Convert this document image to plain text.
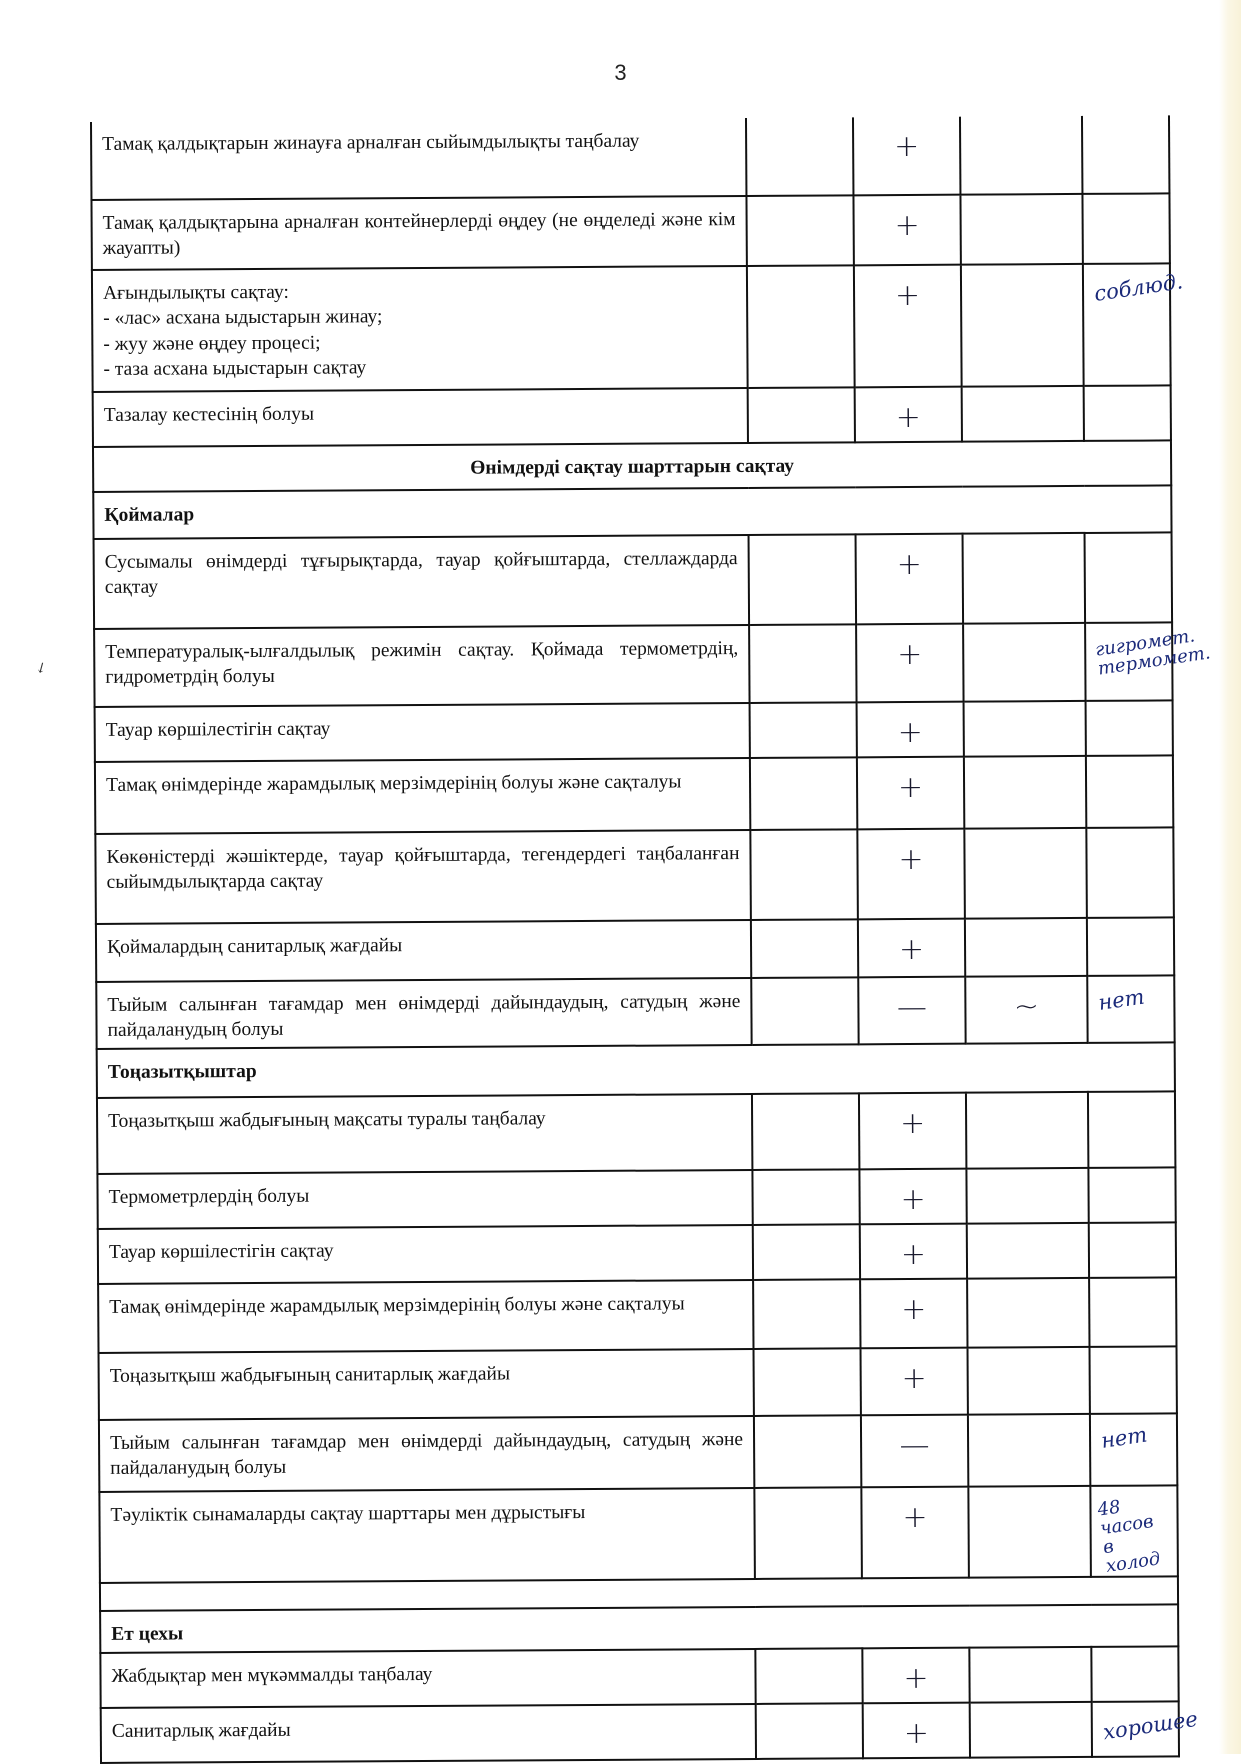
3
↙
Тамақ қалдықтарын жинауға арналған сыйымдылықты таңбалау		+		
Тамақ қалдықтарына арналған контейнерлерді өңдеу (не өңделеді және кім жауапты)		+		

Ағындылықты сақтау:
- «лас» асхана ыдыстарын жинау;
- жуу және өңдеу процесі;
- таза асхана ыдыстарын сақтау		+		соблюд.
Тазалау кестесінің болуы		+		
Өнімдерді сақтау шарттарын сақтау				
Қоймалар				
Сусымалы өнімдерді тұғырықтарда, тауар қойғыштарда, стеллаждарда сақтау		+		
Температуралық-ылғалдылық режимін сақтау. Қоймада термометрдің, гидрометрдің болуы		+		гигромет. термомет.
Тауар көршілестігін сақтау		+		
Тамақ өнімдерінде жарамдылық мерзімдерінің болуы және сақталуы		+		
Көкөністерді жәшіктерде, тауар қойғыштарда, тегендердегі таңбаланған сыйымдылықтарда сақтау		+		
Қоймалардың санитарлық жағдайы		+		
Тыйым салынған тағамдар мен өнімдерді дайындаудың, сатудың және пайдаланудың болуы		—	~	нет
Тоңазытқыштар				
Тоңазытқыш жабдығының мақсаты туралы таңбалау		+		
Термометрлердің болуы		+		
Тауар көршілестігін сақтау		+		
Тамақ өнімдерінде жарамдылық мерзімдерінің болуы және сақталуы		+		
Тоңазытқыш жабдығының санитарлық жағдайы		+		
Тыйым салынған тағамдар мен өнімдерді дайындаудың, сатудың және пайдаланудың болуы		—		нет
Тәуліктік сынамаларды сақтау шарттары мен дұрыстығы		+		48 часов в холод

Ет цехы				
Жабдықтар мен мүкәммалды таңбалау		+		
Санитарлық жағдайы		+		хорошее
